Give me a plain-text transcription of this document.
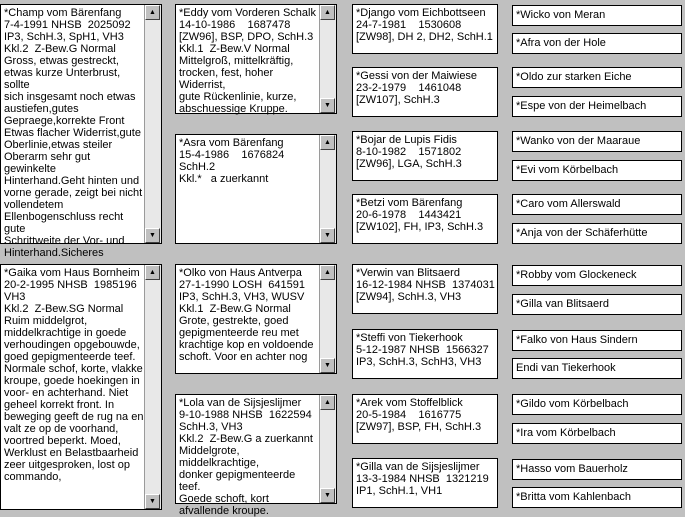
*Champ vom Bärenfang
7-4-1991 NHSB  2025092
IP3, SchH.3, SpH1, VH3
Kkl.2  Z-Bew.G Normal
Gross, etwas gestreckt,
etwas kurze Unterbrust, sollte
sich insgesamt noch etwas
austiefen,gutes
Gepraege,korrekte Front
Etwas flacher Widerrist,gute
Oberlinie,etwas steiler
Oberarm sehr gut gewinkelte
Hinterhand.Geht hinten und
vorne gerade, zeigt bei nicht
vollendetem
Ellenbogenschluss recht gute
Schrittweite der Vor- und
Hinterhand.Sicheres
▲
▼
*Gaika vom Haus Bornheim
20-2-1995 NHSB  1985196
VH3
Kkl.2  Z-Bew.SG Normal
Ruim middelgrot,
middelkrachtige in goede
verhoudingen opgebouwde,
goed gepigmenteerde teef.
Normale schof, korte, vlakke
kroupe, goede hoekingen in
voor- en achterhand. Niet
geheel korrekt front. In
beweging geeft de rug na en
valt ze op de voorhand,
voortred beperkt. Moed,
Werklust en Belastbaarheid
zeer uitgesproken, lost op
commando,
▲
▼
*Eddy vom Vorderen Schalk
14-10-1986    1687478
[ZW96], BSP, DPO, SchH.3
Kkl.1  Z-Bew.V Normal
Mittelgroß, mittelkräftig,
trocken, fest, hoher Widerrist,
gute Rückenlinie, kurze,
abschuessige Kruppe.
▲
▼
*Asra vom Bärenfang
15-4-1986    1676824
SchH.2
Kkl.*   a zuerkannt
▲
▼
*Olko von Haus Antverpa
27-1-1990 LOSH  641591
IP3, SchH.3, VH3, WUSV
Kkl.1  Z-Bew.G Normal
Grote, gestrekte, goed
gepigmenteerde reu met
krachtige kop en voldoende
schoft. Voor en achter nog
▲
▼
*Lola van de Sijsjeslijmer
9-10-1988 NHSB  1622594
SchH.3, VH3
Kkl.2  Z-Bew.G a zuerkannt
Middelgrote, middelkrachtige,
donker gepigmenteerde teef.
Goede schoft, kort
afvallende kroupe.
▲
▼
*Django vom Eichbottseen
24-7-1981    1530608
[ZW98], DH 2, DH2, SchH.1
*Gessi von der Maiwiese
23-2-1979    1461048
[ZW107], SchH.3
*Bojar de Lupis Fidis
8-10-1982    1571802
[ZW96], LGA, SchH.3
*Betzi vom Bärenfang
20-6-1978    1443421
[ZW102], FH, IP3, SchH.3
*Verwin van Blitsaerd
16-12-1984 NHSB  1374031
[ZW94], SchH.3, VH3
*Steffi von Tiekerhook
5-12-1987 NHSB  1566327
IP3, SchH.3, SchH3, VH3
*Arek vom Stoffelblick
20-5-1984    1616775
[ZW97], BSP, FH, SchH.3
*Gilla van de Sijsjeslijmer
13-3-1984 NHSB  1321219
IP1, SchH.1, VH1
*Wicko von Meran
*Afra von der Hole
*Oldo zur starken Eiche
*Espe von der Heimelbach
*Wanko von der Maaraue
*Evi vom Körbelbach
*Caro vom Allerswald
*Anja von der Schäferhütte
*Robby vom Glockeneck
*Gilla van Blitsaerd
*Falko von Haus Sindern
Endi van Tiekerhook
*Gildo vom Körbelbach
*Ira vom Körbelbach
*Hasso vom Bauerholz
*Britta vom Kahlenbach
